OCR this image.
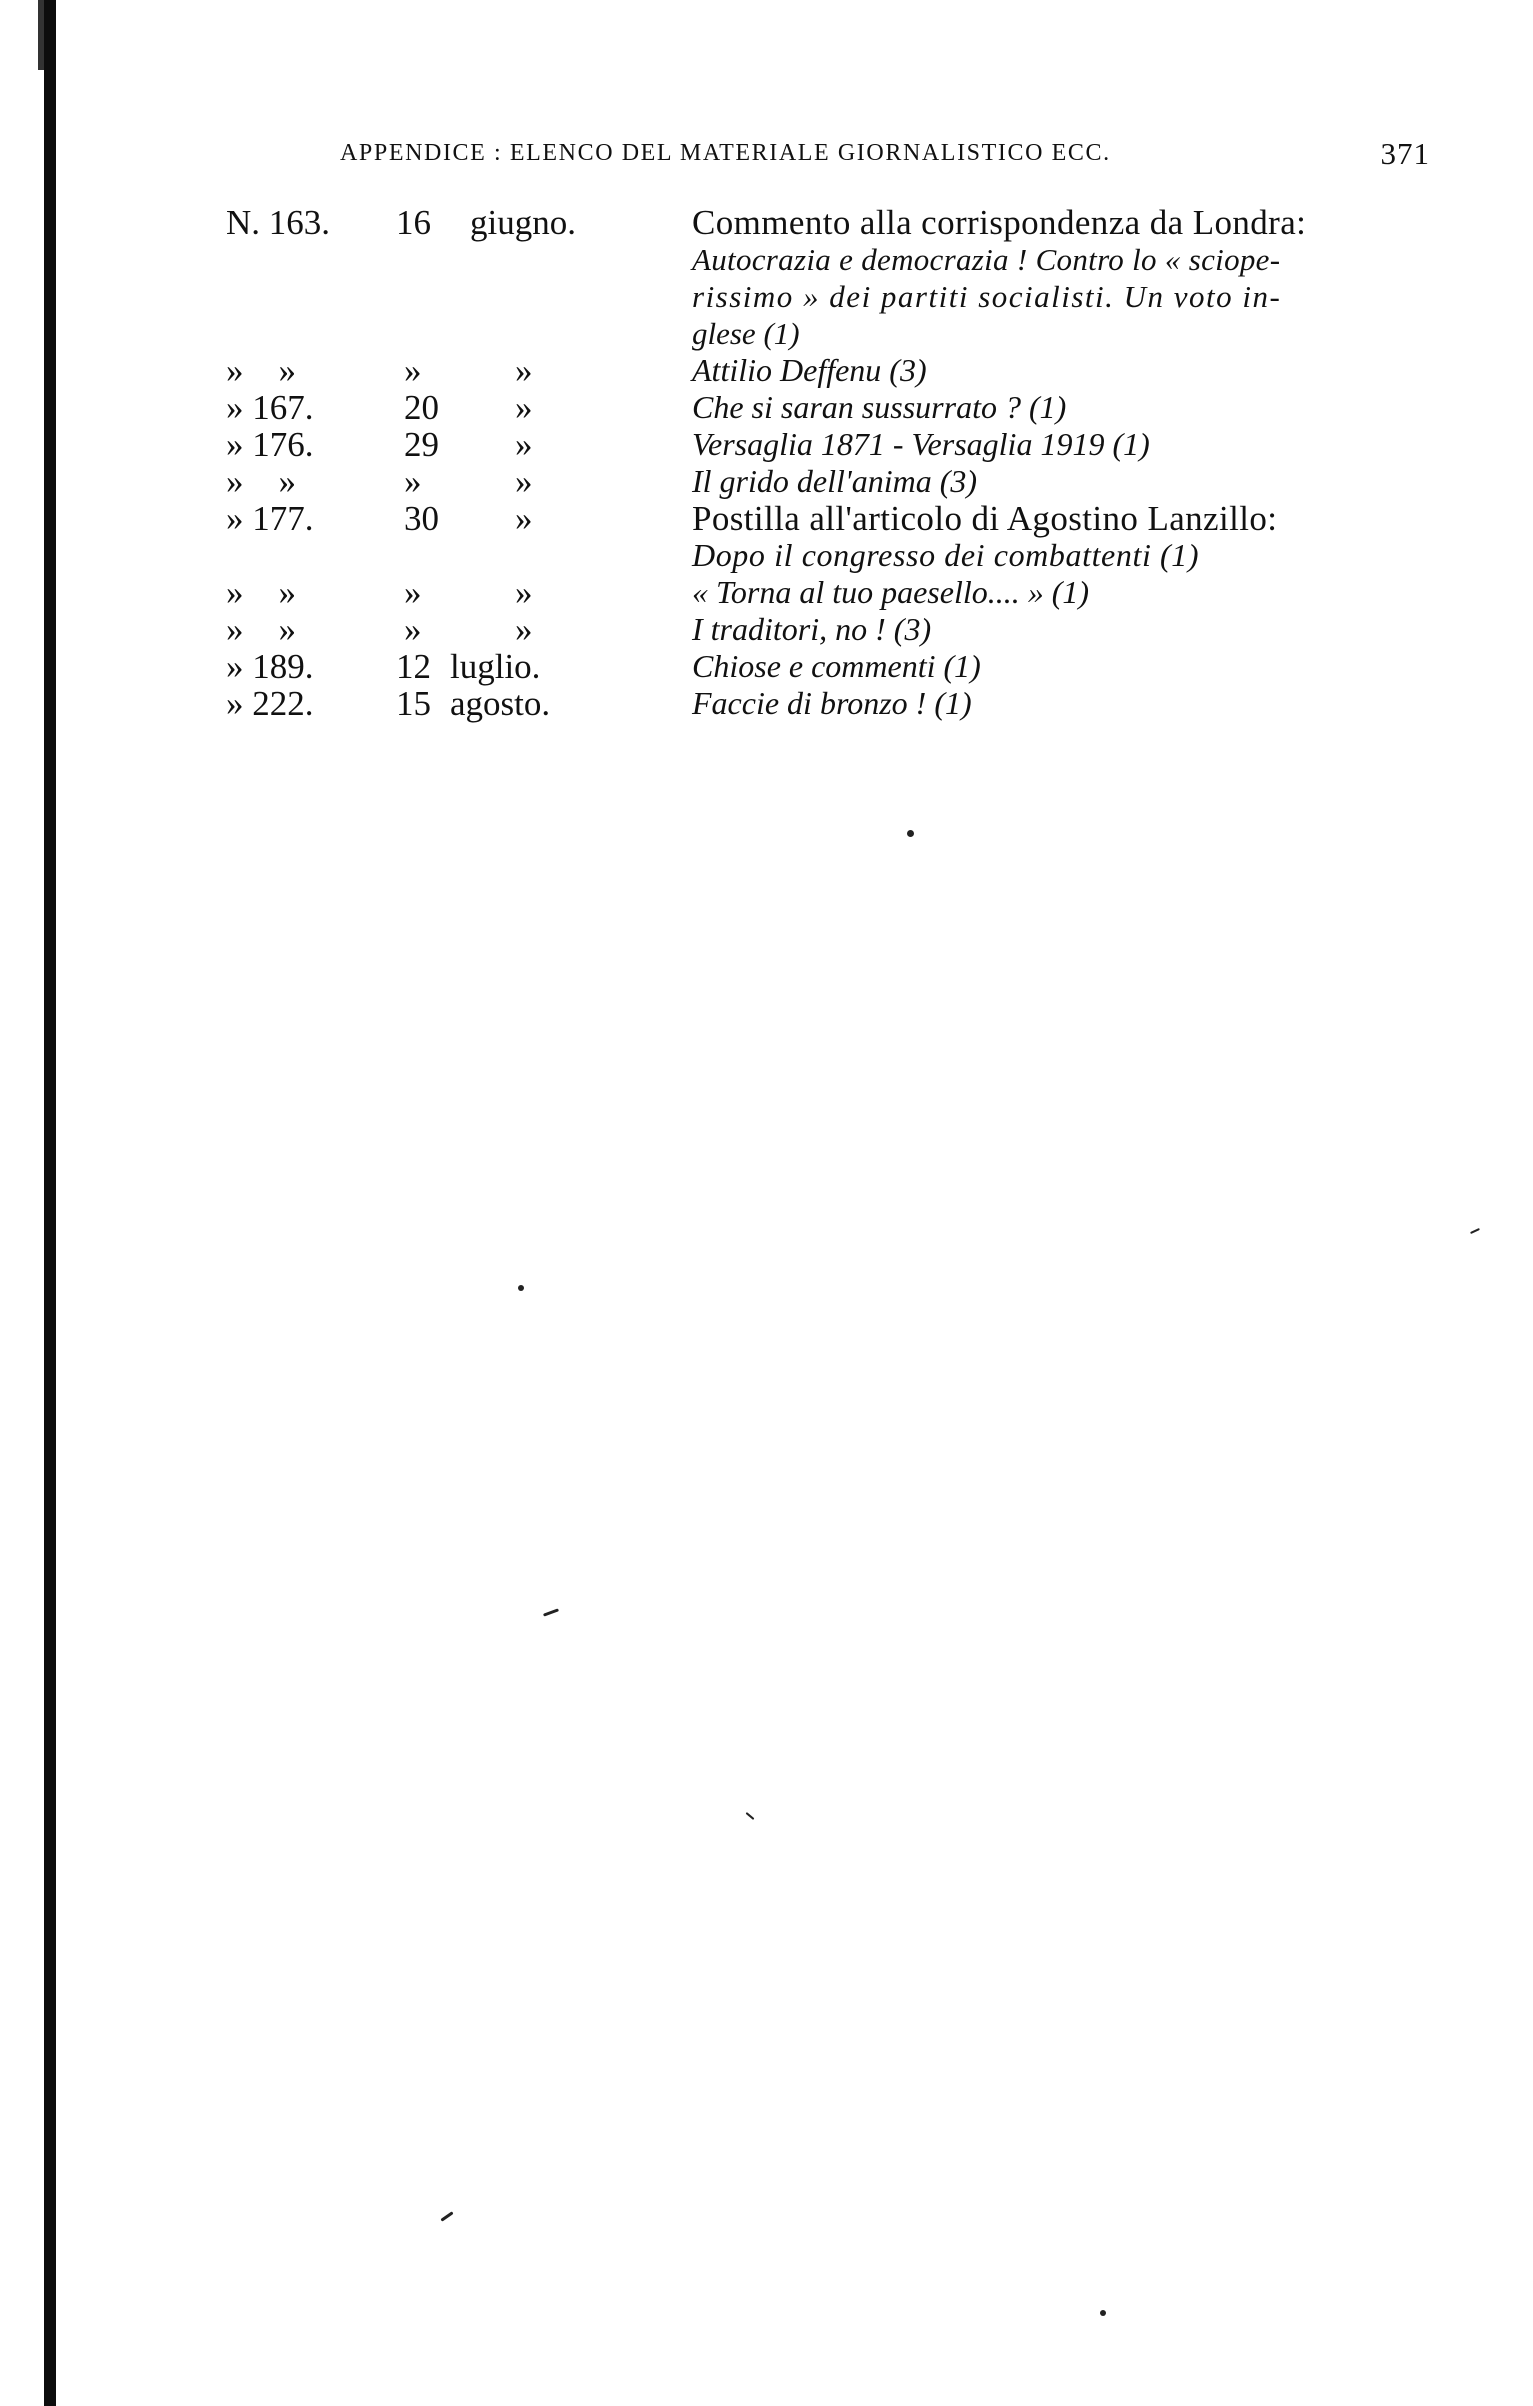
APPENDICE : ELENCO DEL MATERIALE GIORNALISTICO ECC.	371
N. 163. 16 giugno.	Commento alla corrispondenza da Londra:
Autocrazia e democrazia ! Contro lo « sciope-
rissimo » dei partiti socialisti. Un voto in-
glese (1)
»    »	»	»	Attilio Deffenu (3)
» 167.	20 »	Che si saran sussurrato ? (1)
» 176.	29 »	Versaglia 1871 - Versaglia 1919 (1)
»    »	»	»	Il grido dell'anima (3)
» 177.	30 »	Postilla all'articolo di Agostino Lanzillo:
Dopo il congresso dei combattenti (1)
»    »	»	»	« Torna al tuo paesello.... » (1)
»    »	»	»	I traditori, no ! (3)
» 189. 12 luglio.	Chiose e commenti (1)
» 222. 15 agosto.	Faccie di bronzo ! (1)
